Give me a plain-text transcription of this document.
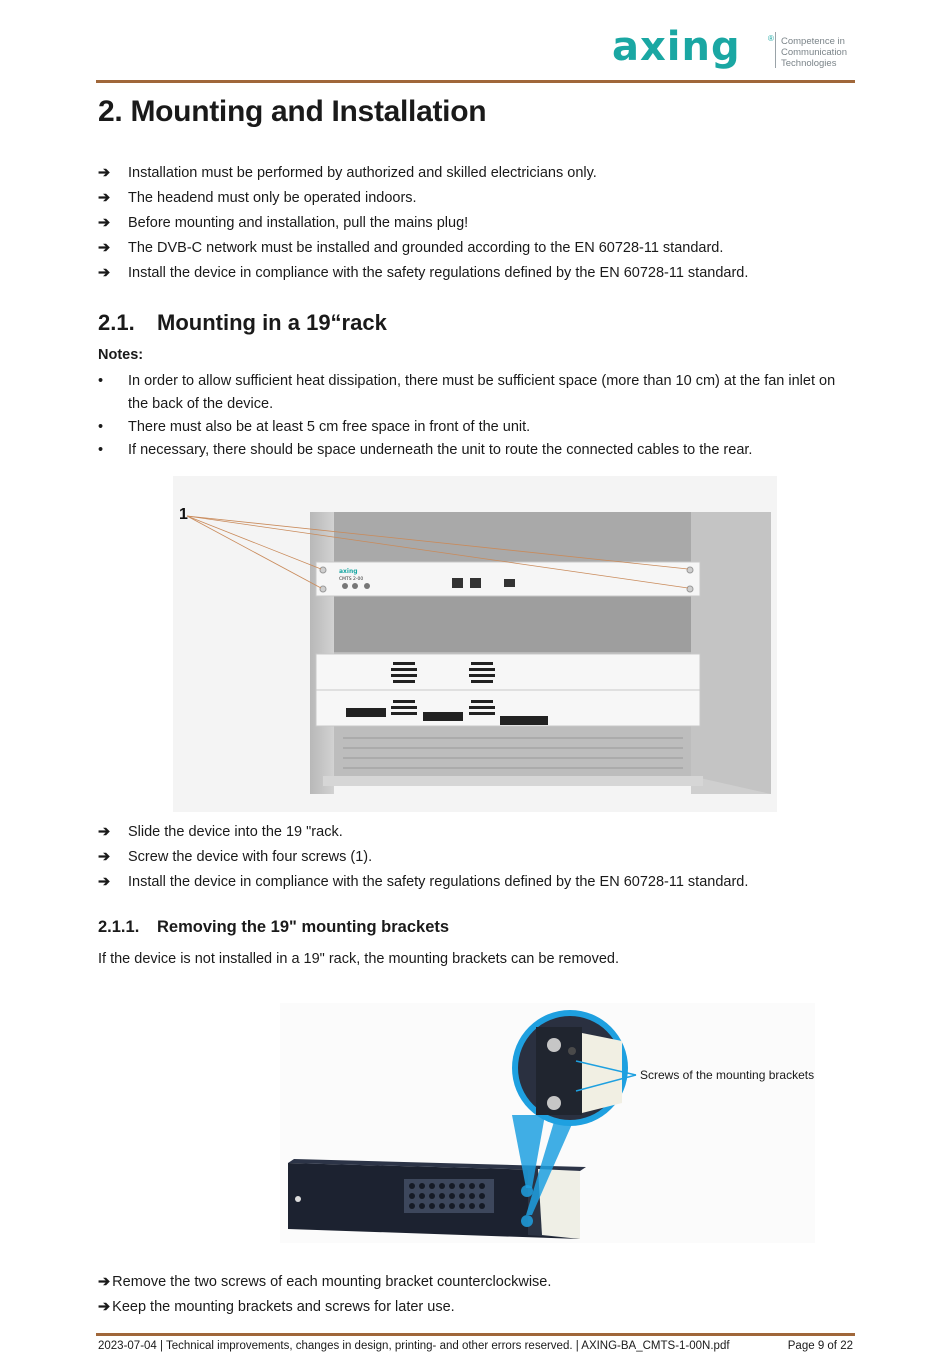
axing	® Competence in
Communication
Technologies
2. Mounting and Installation
➔ Installation must be performed by authorized and skilled electricians only.
➔ The headend must only be operated indoors.
➔ Before mounting and installation, pull the mains plug!
➔ The DVB-C network must be installed and grounded according to the EN 60728-11 standard.
➔ Install the device in compliance with the safety regulations defined by the EN 60728-11 standard.
2.1. Mounting in a 19“rack
Notes:
• In order to allow sufficient heat dissipation, there must be sufficient space (more than 10 cm) at the fan inlet on the back of the device.
• There must also be at least 5 cm free space in front of the unit.
• If necessary, there should be space underneath the unit to route the connected cables to the rear.
axing
CMTS 2-00
1
➔ Slide the device into the 19 "rack.
➔ Screw the device with four screws (1).
➔ Install the device in compliance with the safety regulations defined by the EN 60728-11 standard.
2.1.1. Removing the 19" mounting brackets
If the device is not installed in a 19" rack, the mounting brackets can be removed.
Screws of the mounting brackets
➔ Remove the two screws of each mounting bracket counterclockwise.
➔ Keep the mounting brackets and screws for later use.
2023-07-04 | Technical improvements, changes in design, printing- and other errors reserved. | AXING-BA_CMTS-1-00N.pdf	Page 9 of 22
